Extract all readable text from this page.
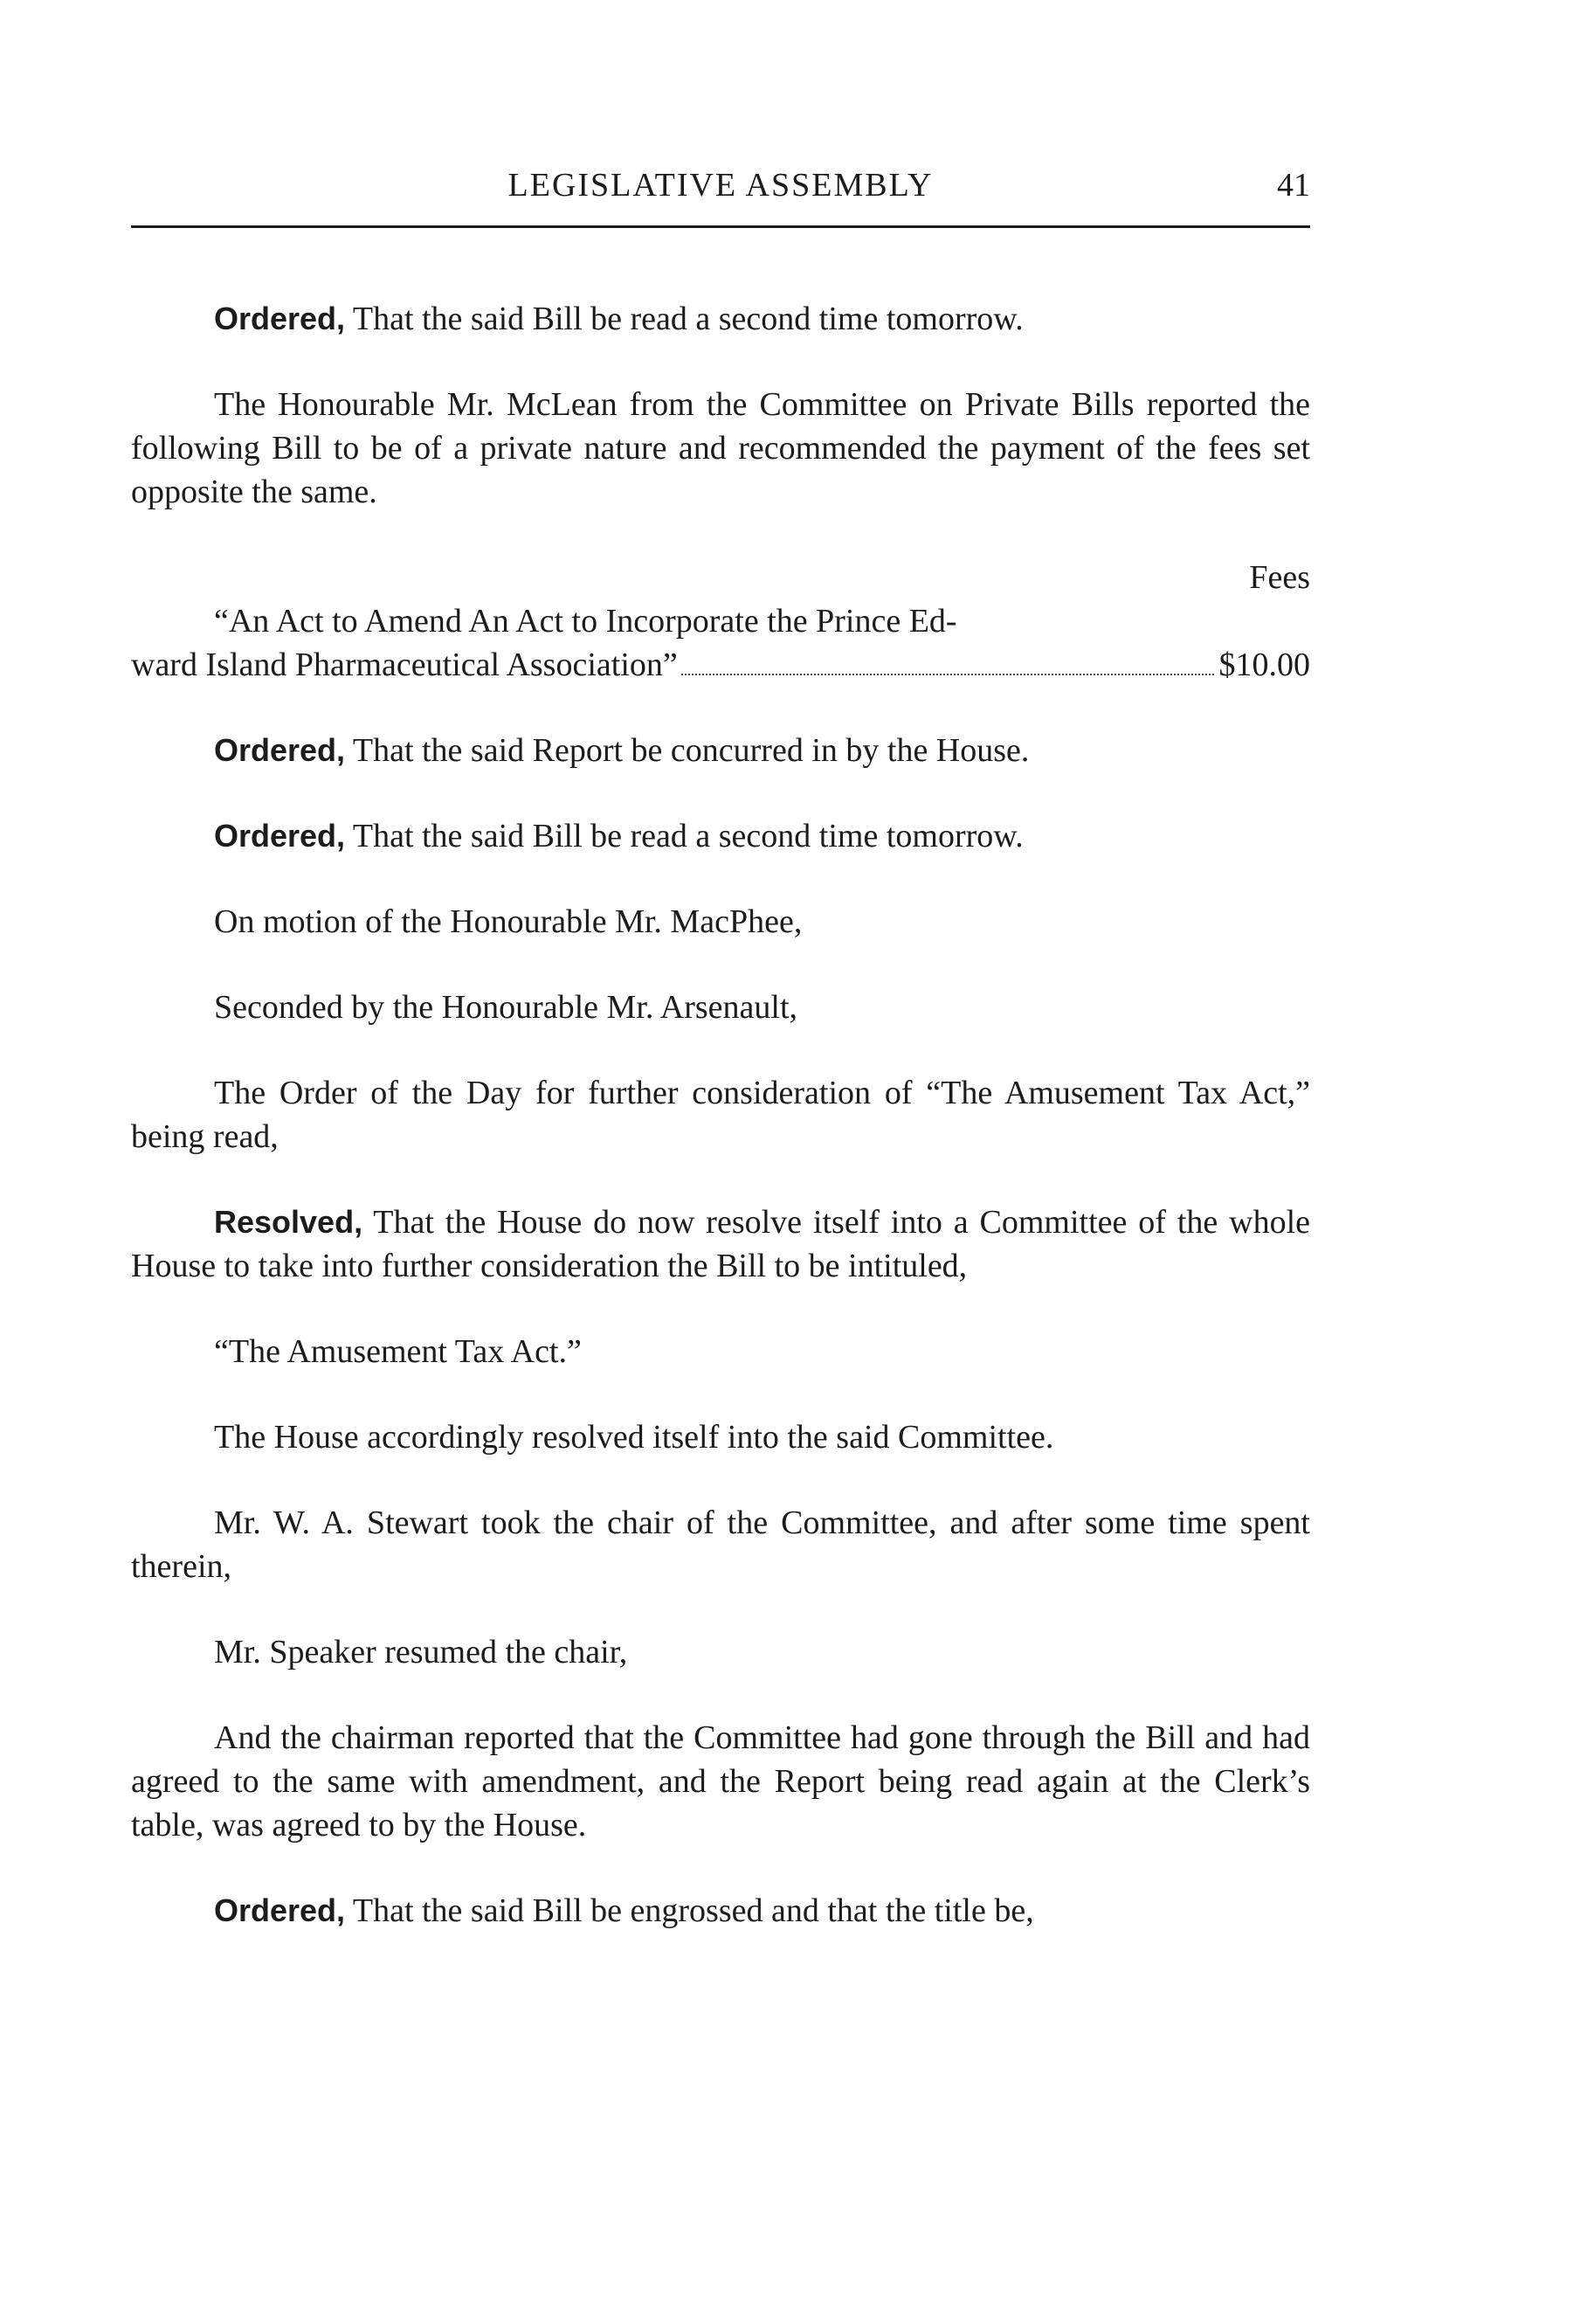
LEGISLATIVE ASSEMBLY	41

Ordered, That the said Bill be read a second time tomorrow.

The Honourable Mr. McLean from the Committee on Private Bills reported the following Bill to be of a private nature and recommended the payment of the fees set opposite the same.

Fees

“An Act to Amend An Act to Incorporate the Prince Ed-

ward Island Pharmaceutical Association”	$10.00

Ordered, That the said Report be concurred in by the House.

Ordered, That the said Bill be read a second time tomorrow.

On motion of the Honourable Mr. MacPhee,

Seconded by the Honourable Mr. Arsenault,

The Order of the Day for further consideration of “The Amusement Tax Act,” being read,

Resolved, That the House do now resolve itself into a Committee of the whole House to take into further consideration the Bill to be intituled,

“The Amusement Tax Act.”

The House accordingly resolved itself into the said Committee.

Mr. W. A. Stewart took the chair of the Committee, and after some time spent therein,

Mr. Speaker resumed the chair,

And the chairman reported that the Committee had gone through the Bill and had agreed to the same with amendment, and the Report being read again at the Clerk’s table, was agreed to by the House.

Ordered, That the said Bill be engrossed and that the title be,
